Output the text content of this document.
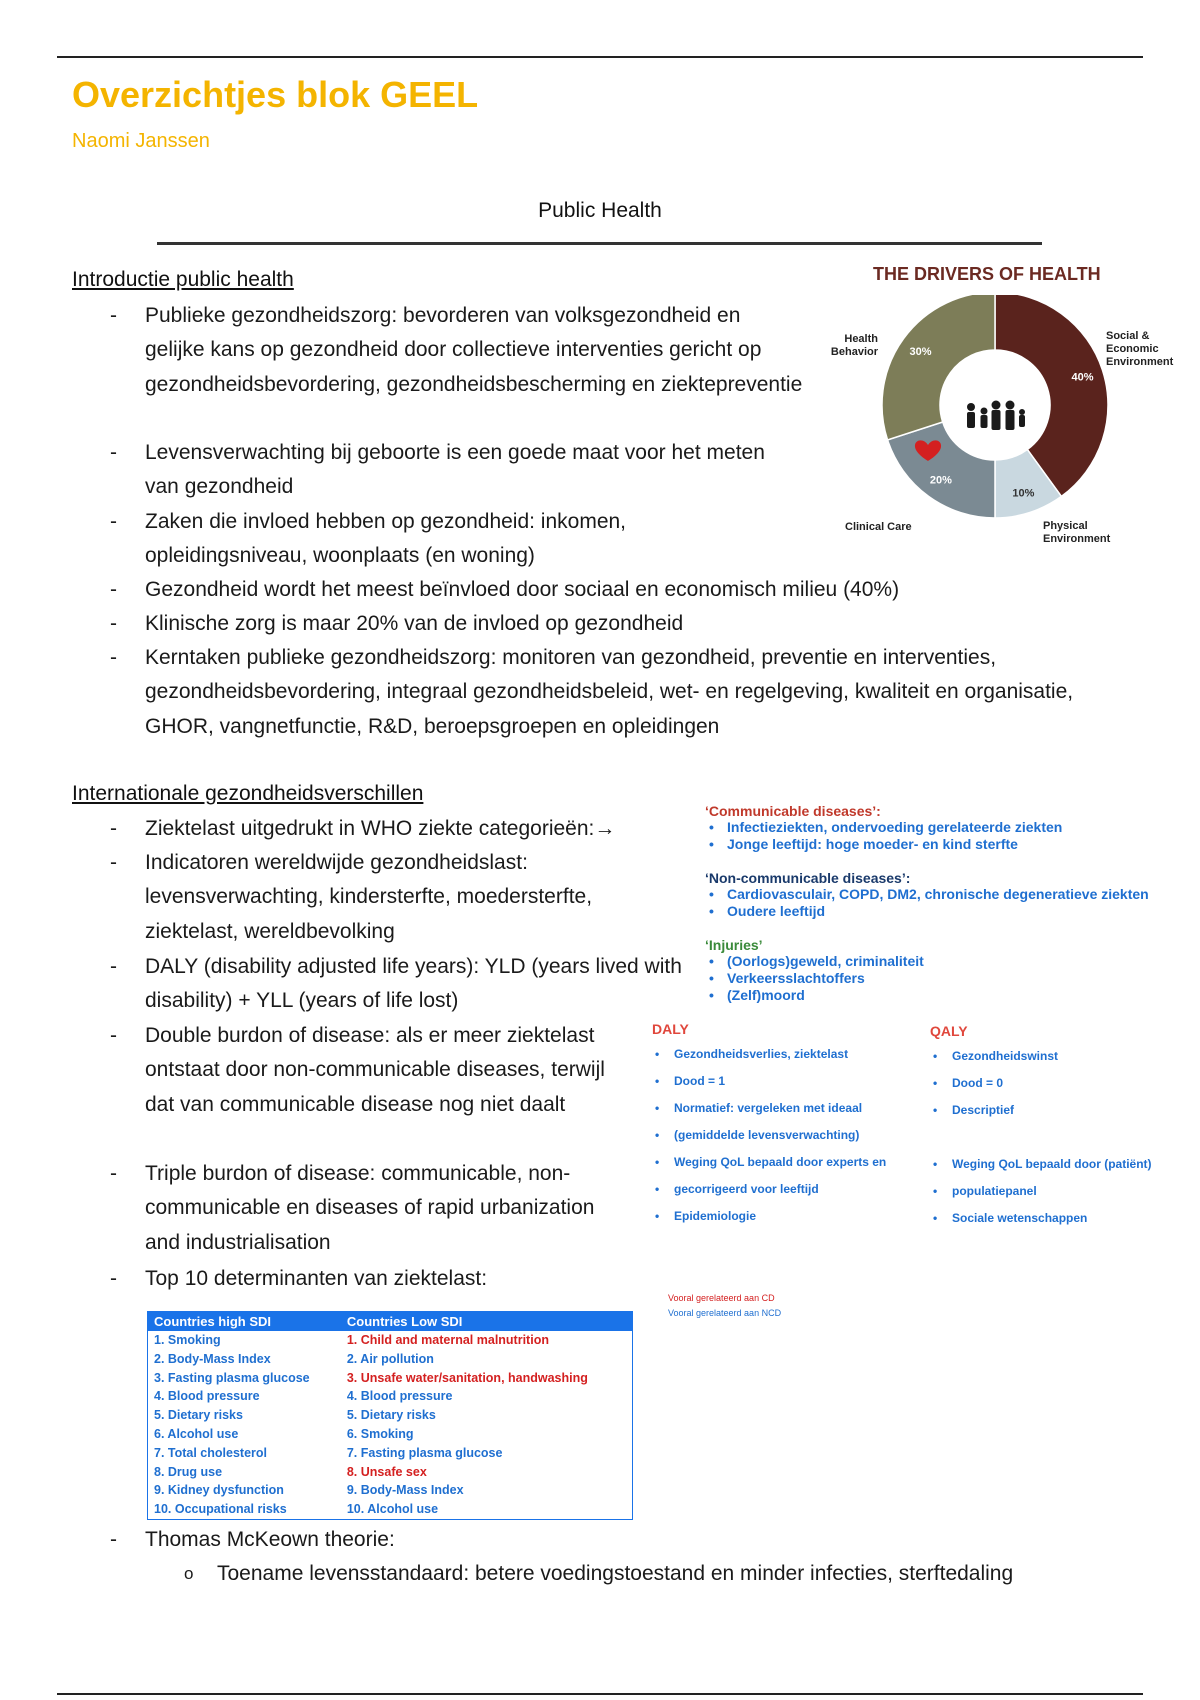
Overzichtjes blok GEEL
Naomi Janssen
Public Health
Introductie public health
- Publieke gezondheidszorg: bevorderen van volksgezondheid en gelijke kans op gezondheid door collectieve interventies gericht op gezondheidsbevordering, gezondheidsbescherming en ziektepreventie
- Levensverwachting bij geboorte is een goede maat voor het meten van gezondheid
- Zaken die invloed hebben op gezondheid: inkomen, opleidingsniveau, woonplaats (en woning)
- Gezondheid wordt het meest beïnvloed door sociaal en economisch milieu (40%)
- Klinische zorg is maar 20% van de invloed op gezondheid
- Kerntaken publieke gezondheidszorg: monitoren van gezondheid, preventie en interventies, gezondheidsbevordering, integraal gezondheidsbeleid, wet- en regelgeving, kwaliteit en organisatie, GHOR, vangnetfunctie, R&D, beroepsgroepen en opleidingen
THE DRIVERS OF HEALTH
40%
10%
20%
30%
Health Behavior
Social & Economic Environment
Clinical Care	Physical Environment
Internationale gezondheidsverschillen
- Ziektelast uitgedrukt in WHO ziekte categorieën:→
- Indicatoren wereldwijde gezondheidslast: levensverwachting, kindersterfte, moedersterfte, ziektelast, wereldbevolking
- DALY (disability adjusted life years): YLD (years lived with disability) + YLL (years of life lost)
- Double burdon of disease: als er meer ziektelast ontstaat door non-communicable diseases, terwijl dat van communicable disease nog niet daalt
- Triple burdon of disease: communicable, non-communicable en diseases of rapid urbanization and industrialisation
- Top 10 determinanten van ziektelast:
‘Communicable diseases’:
• Infectieziekten, ondervoeding gerelateerde ziekten
• Jonge leeftijd: hoge moeder- en kind sterfte
‘Non-communicable diseases’:
• Cardiovasculair, COPD, DM2, chronische degeneratieve ziekten
• Oudere leeftijd
‘Injuries’
• (Oorlogs)geweld, criminaliteit
• Verkeersslachtoffers
• (Zelf)moord
DALY
• Gezondheidsverlies, ziektelast
• Dood = 1
• Normatief: vergeleken met ideaal
• (gemiddelde levensverwachting)
• Weging QoL bepaald door experts en
• gecorrigeerd voor leeftijd
• Epidemiologie
QALY
• Gezondheidswinst
• Dood = 0
• Descriptief
• Weging QoL bepaald door (patiënt)
• populatiepanel
• Sociale wetenschappen
Countries high SDI	Countries Low SDI
1. Smoking	1. Child and maternal malnutrition
2. Body-Mass Index	2. Air pollution
3. Fasting plasma glucose	3. Unsafe water/sanitation, handwashing
4. Blood pressure	4. Blood pressure
5. Dietary risks	5. Dietary risks
6. Alcohol use	6. Smoking
7. Total cholesterol	7. Fasting plasma glucose
8. Drug use	8. Unsafe sex
9. Kidney dysfunction	9. Body-Mass Index
10. Occupational risks	10. Alcohol use
Vooral gerelateerd aan CD
Vooral gerelateerd aan NCD
- Thomas McKeown theorie:
o Toename levensstandaard: betere voedingstoestand en minder infecties, sterftedaling
